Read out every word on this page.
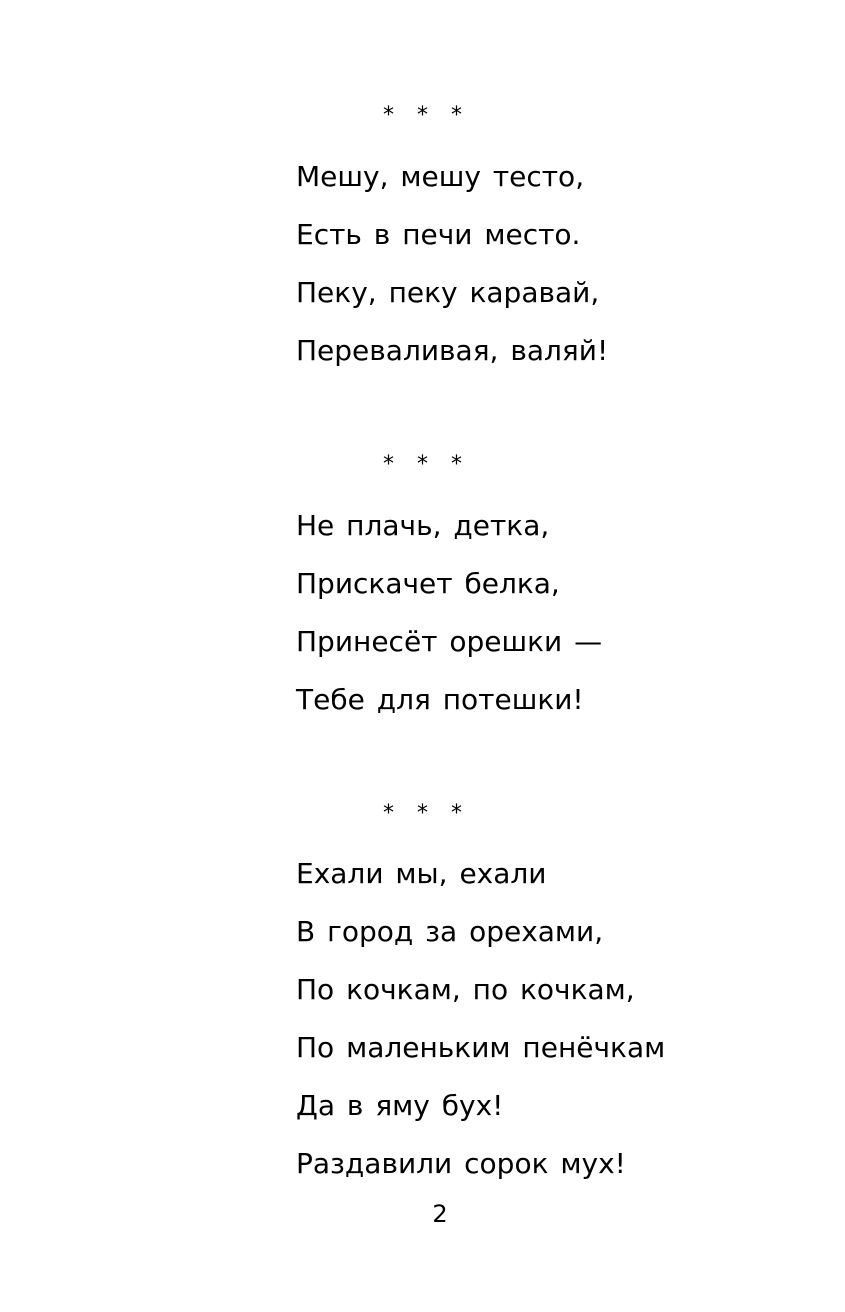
* * *
Мешу, мешу тесто,
Есть в печи место.
Пеку, пеку каравай,
Переваливая, валяй!
* * *
Не плачь, детка,
Прискачет белка,
Принесёт орешки —
Тебе для потешки!
* * *
Ехали мы, ехали
В город за орехами,
По кочкам, по кочкам,
По маленьким пенёчкам
Да в яму бух!
Раздавили сорок мух!
2
